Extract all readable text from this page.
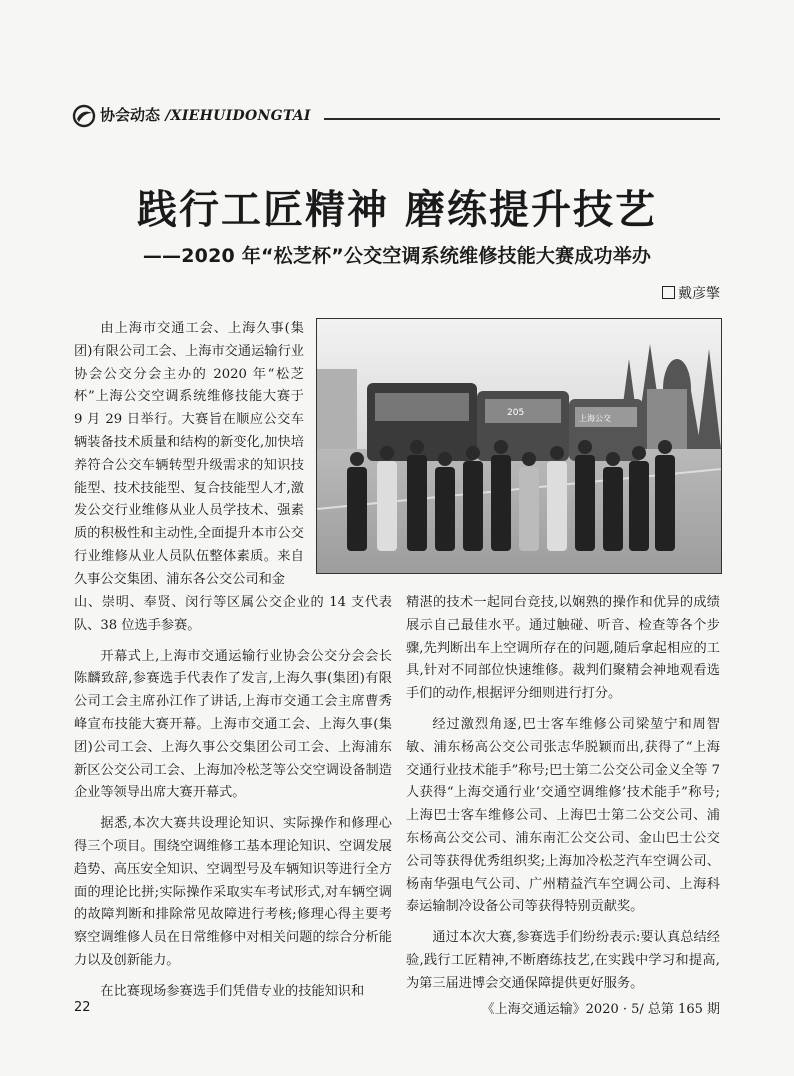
协会动态 /XIEHUIDONGTAI
践行工匠精神 磨练提升技艺
——2020 年“松芝杯”公交空调系统维修技能大赛成功举办
戴彦擎
205
上海公交

由上海市交通工会、上海久事(集团)有限公司工会、上海市交通运输行业协会公交分会主办的 2020 年“松芝杯”上海公交空调系统维修技能大赛于 9 月 29 日举行。大赛旨在顺应公交车辆装备技术质量和结构的新变化,加快培养符合公交车辆转型升级需求的知识技能型、技术技能型、复合技能型人才,激发公交行业维修从业人员学技术、强素质的积极性和主动性,全面提升本市公交行业维修从业人员队伍整体素质。来自久事公交集团、浦东各公交公司和金

山、崇明、奉贤、闵行等区属公交企业的 14 支代表队、38 位选手参赛。

开幕式上,上海市交通运输行业协会公交分会会长陈麟致辞,参赛选手代表作了发言,上海久事(集团)有限公司工会主席孙江作了讲话,上海市交通工会主席曹秀峰宣布技能大赛开幕。上海市交通工会、上海久事(集团)公司工会、上海久事公交集团公司工会、上海浦东新区公交公司工会、上海加冷松芝等公交空调设备制造企业等领导出席大赛开幕式。

据悉,本次大赛共设理论知识、实际操作和修理心得三个项目。围绕空调维修工基本理论知识、空调发展趋势、高压安全知识、空调型号及车辆知识等进行全方面的理论比拼;实际操作采取实车考试形式,对车辆空调的故障判断和排除常见故障进行考核;修理心得主要考察空调维修人员在日常维修中对相关问题的综合分析能力以及创新能力。

在比赛现场参赛选手们凭借专业的技能知识和

精湛的技术一起同台竞技,以娴熟的操作和优异的成绩展示自己最佳水平。通过触碰、听音、检查等各个步骤,先判断出车上空调所存在的问题,随后拿起相应的工具,针对不同部位快速维修。裁判们聚精会神地观看选手们的动作,根据评分细则进行打分。

经过激烈角逐,巴士客车维修公司梁堃宁和周智敏、浦东杨高公交公司张志华脱颖而出,获得了“上海交通行业技术能手”称号;巴士第二公交公司金义全等 7 人获得“上海交通行业‘交通空调维修’技术能手”称号;上海巴士客车维修公司、上海巴士第二公交公司、浦东杨高公交公司、浦东南汇公交公司、金山巴士公交公司等获得优秀组织奖;上海加冷松芝汽车空调公司、杨南华强电气公司、广州精益汽车空调公司、上海科泰运输制冷设备公司等获得特别贡献奖。

通过本次大赛,参赛选手们纷纷表示:要认真总结经验,践行工匠精神,不断磨练技艺,在实践中学习和提高,为第三届进博会交通保障提供更好服务。

22	《上海交通运输》2020 · 5/ 总第 165 期
